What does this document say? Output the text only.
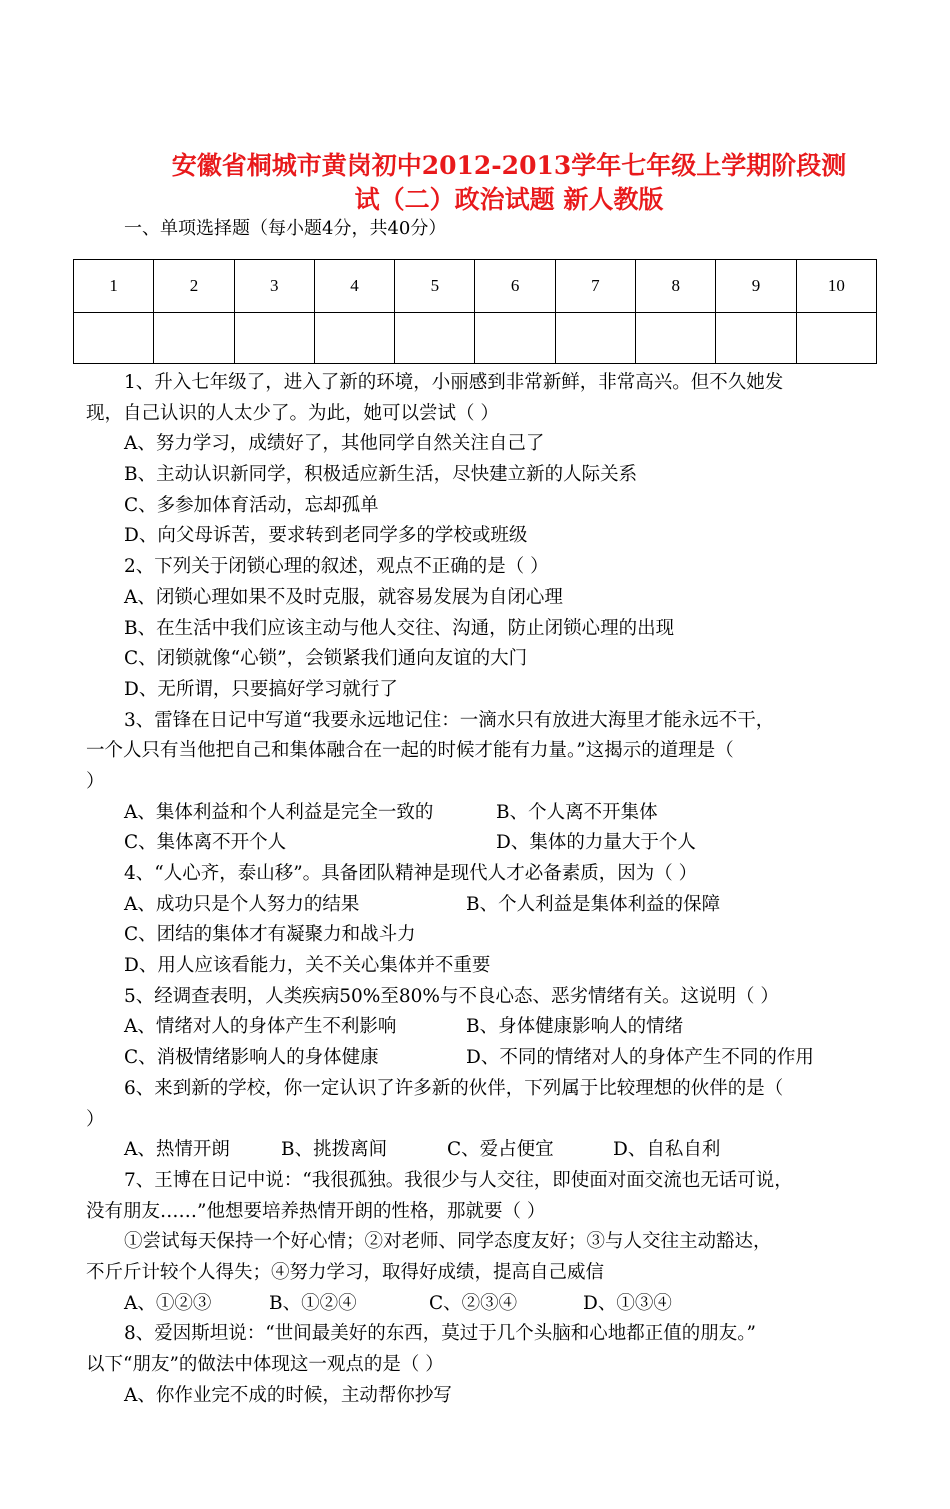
安徽省桐城市黄岗初中2012-2013学年七年级上学期阶段测
试（二）政治试题 新人教版
一、单项选择题（每小题4分，共40分）
1	2	3	4	5	6	7	8	9	10

1、升入七年级了，进入了新的环境，小丽感到非常新鲜，非常高兴。但不久她发
现，自己认识的人太少了。为此，她可以尝试（ ）
A、努力学习，成绩好了，其他同学自然关注自己了
B、主动认识新同学，积极适应新生活，尽快建立新的人际关系
C、多参加体育活动，忘却孤单
D、向父母诉苦，要求转到老同学多的学校或班级
2、下列关于闭锁心理的叙述，观点不正确的是（ ）
A、闭锁心理如果不及时克服，就容易发展为自闭心理
B、在生活中我们应该主动与他人交往、沟通，防止闭锁心理的出现
C、闭锁就像“心锁”，会锁紧我们通向友谊的大门
D、无所谓，只要搞好学习就行了
3、雷锋在日记中写道“我要永远地记住：一滴水只有放进大海里才能永远不干，
一个人只有当他把自己和集体融合在一起的时候才能有力量。”这揭示的道理是（
）
A、集体利益和个人利益是完全一致的	B、个人离不开集体
C、集体离不开个人	D、集体的力量大于个人
4、“人心齐，泰山移”。具备团队精神是现代人才必备素质，因为（ ）
A、成功只是个人努力的结果	B、个人利益是集体利益的保障
C、团结的集体才有凝聚力和战斗力
D、用人应该看能力，关不关心集体并不重要
5、经调查表明，人类疾病50%至80%与不良心态、恶劣情绪有关。这说明（ ）
A、情绪对人的身体产生不利影响	B、身体健康影响人的情绪
C、消极情绪影响人的身体健康	D、不同的情绪对人的身体产生不同的作用
6、来到新的学校，你一定认识了许多新的伙伴，下列属于比较理想的伙伴的是（
）
A、热情开朗	B、挑拨离间	C、爱占便宜	D、自私自利
7、王博在日记中说：“我很孤独。我很少与人交往，即使面对面交流也无话可说，
没有朋友……”他想要培养热情开朗的性格，那就要（ ）
①尝试每天保持一个好心情；②对老师、同学态度友好；③与人交往主动豁达，
不斤斤计较个人得失；④努力学习，取得好成绩，提高自己威信
A、①②③	B、①②④	C、②③④	D、①③④
8、爱因斯坦说：“世间最美好的东西，莫过于几个头脑和心地都正值的朋友。”
以下“朋友”的做法中体现这一观点的是（ ）
A、你作业完不成的时候，主动帮你抄写
